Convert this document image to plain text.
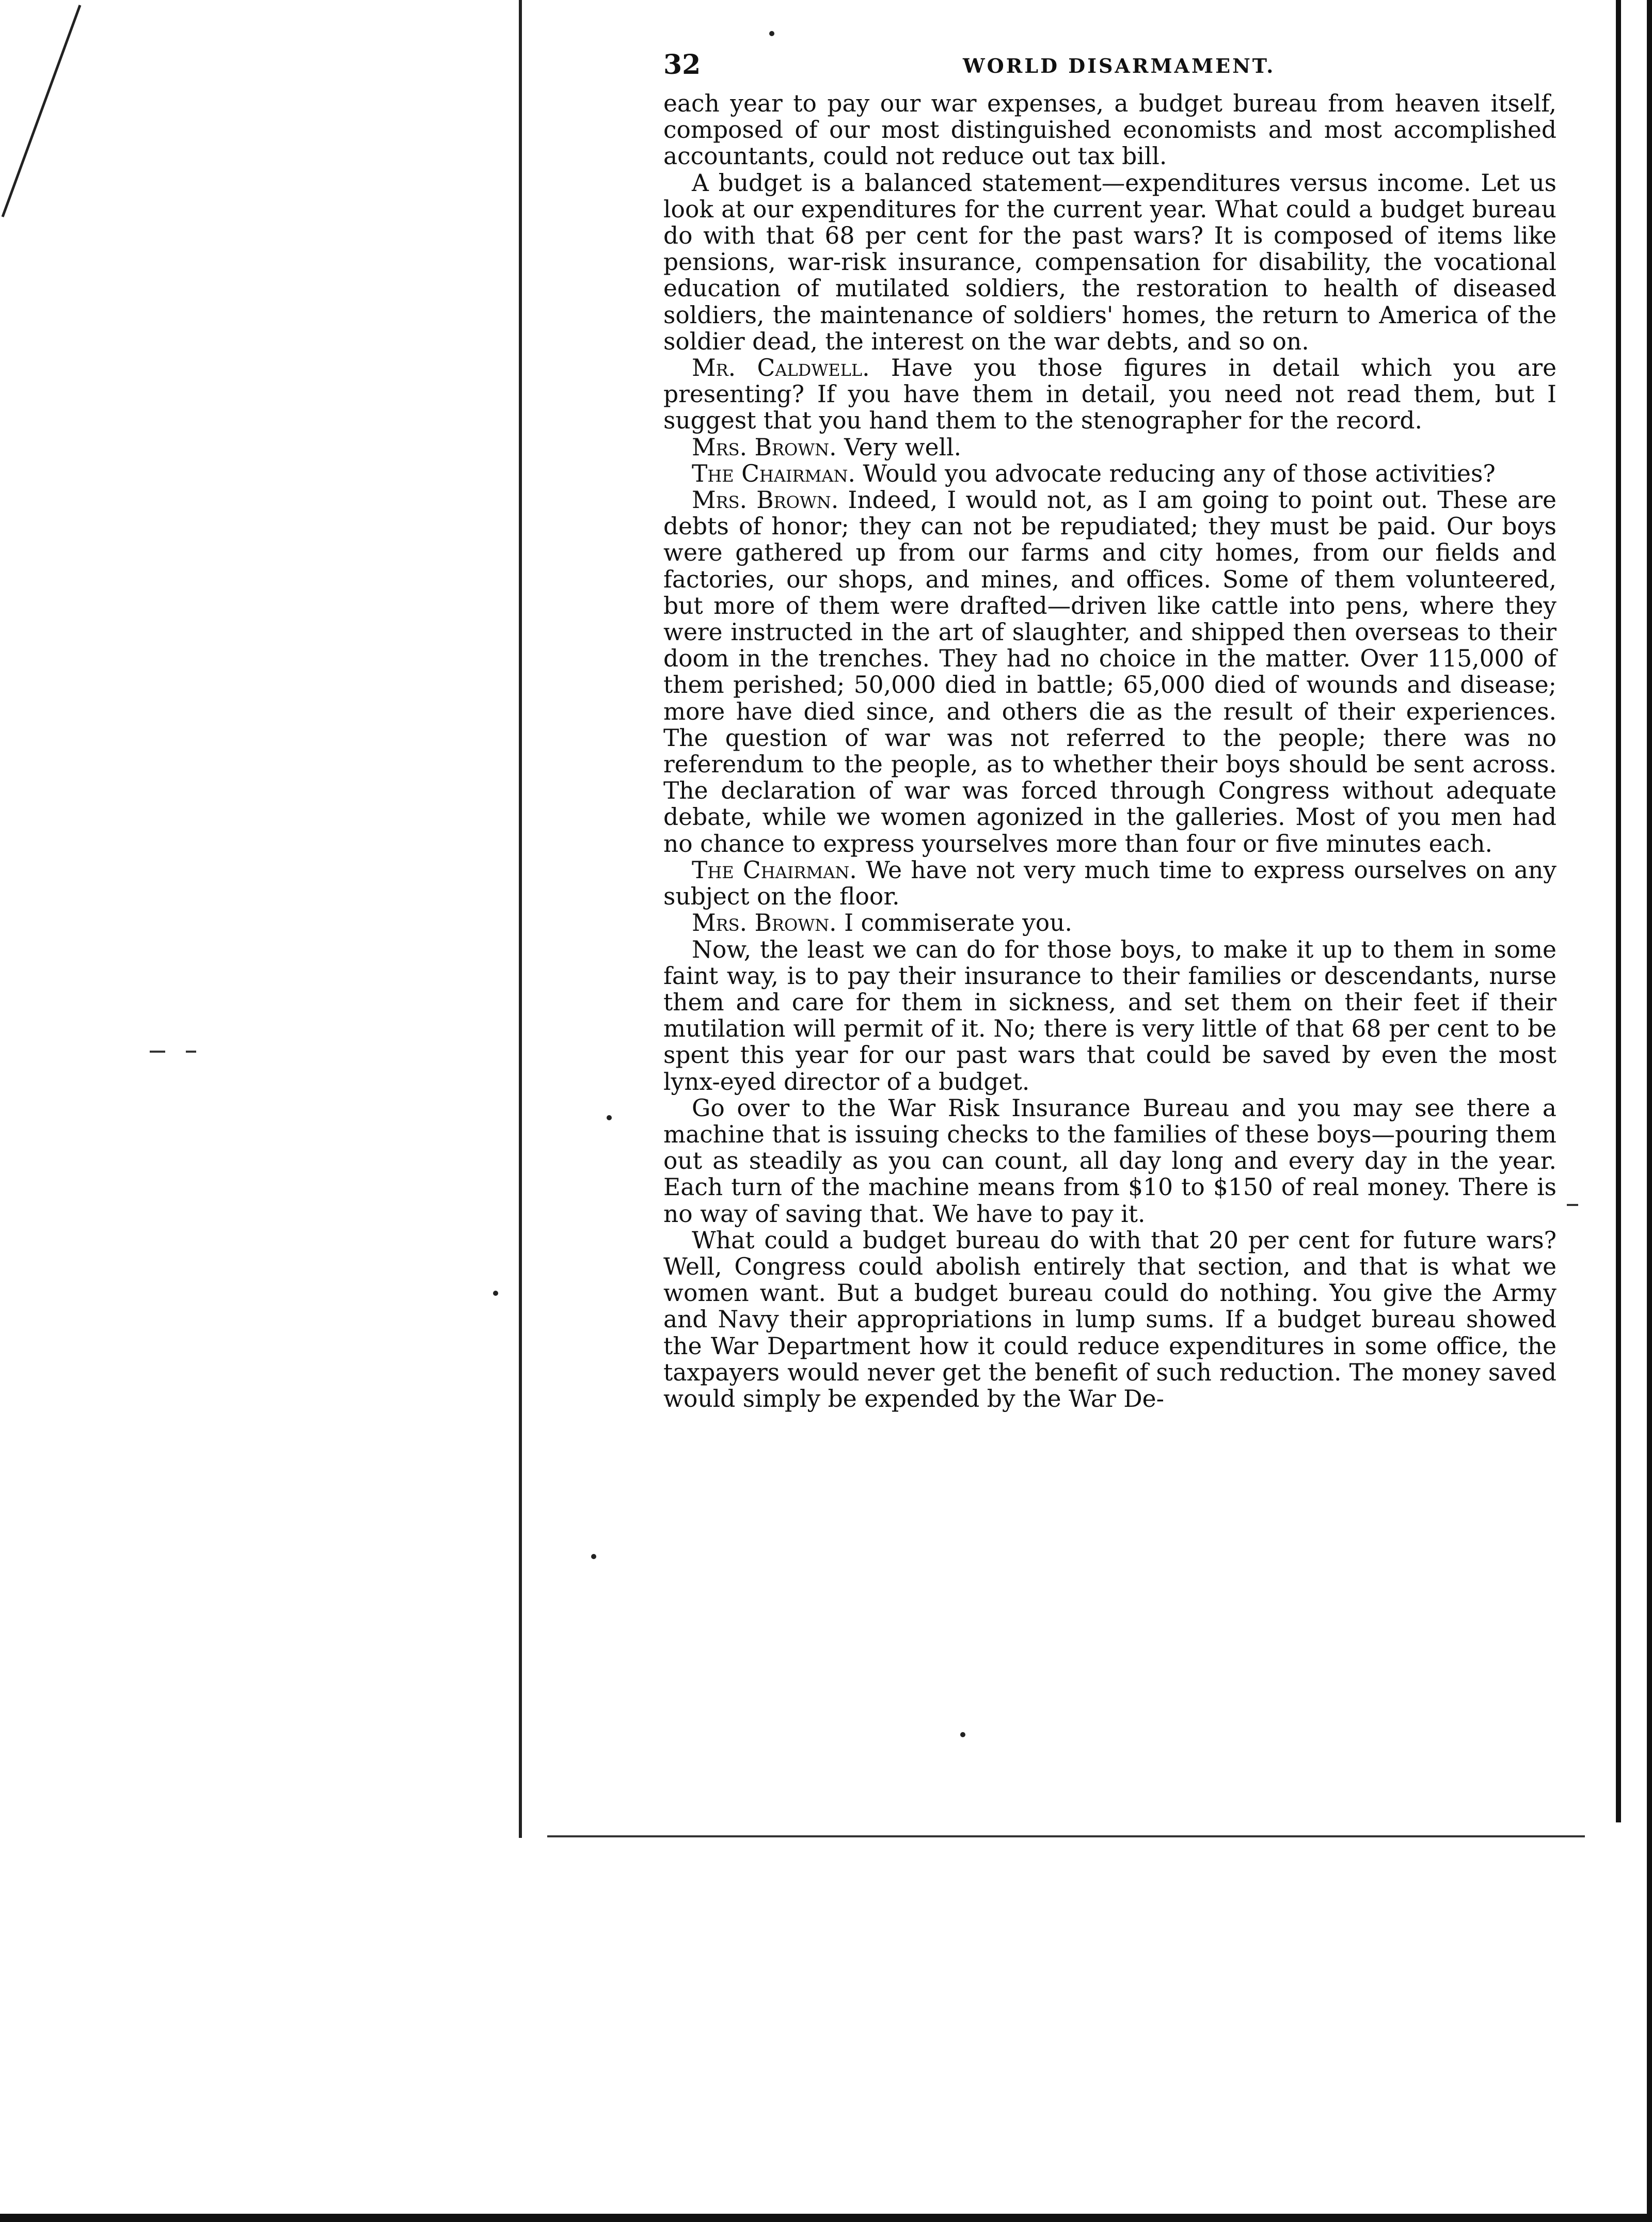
32	WORLD DISARMAMENT.

each year to pay our war expenses, a budget bureau from heaven itself, composed of our most distinguished economists and most accomplished accountants, could not reduce out tax bill.

A budget is a balanced statement—expenditures versus income. Let us look at our expenditures for the current year. What could a budget bureau do with that 68 per cent for the past wars? It is composed of items like pensions, war-risk insurance, compensation for disability, the vocational education of mutilated soldiers, the restoration to health of diseased soldiers, the maintenance of soldiers' homes, the return to America of the soldier dead, the interest on the war debts, and so on.

Mr. Caldwell. Have you those figures in detail which you are presenting? If you have them in detail, you need not read them, but I suggest that you hand them to the stenographer for the record.

Mrs. Brown. Very well.

The Chairman. Would you advocate reducing any of those activities?

Mrs. Brown. Indeed, I would not, as I am going to point out. These are debts of honor; they can not be repudiated; they must be paid. Our boys were gathered up from our farms and city homes, from our fields and factories, our shops, and mines, and offices. Some of them volunteered, but more of them were drafted—driven like cattle into pens, where they were instructed in the art of slaughter, and shipped then overseas to their doom in the trenches. They had no choice in the matter. Over 115,000 of them perished; 50,000 died in battle; 65,000 died of wounds and disease; more have died since, and others die as the result of their experiences. The question of war was not referred to the people; there was no referendum to the people, as to whether their boys should be sent across. The declaration of war was forced through Congress without adequate debate, while we women agonized in the galleries. Most of you men had no chance to express yourselves more than four or five minutes each.

The Chairman. We have not very much time to express ourselves on any subject on the floor.

Mrs. Brown. I commiserate you.

Now, the least we can do for those boys, to make it up to them in some faint way, is to pay their insurance to their families or descendants, nurse them and care for them in sickness, and set them on their feet if their mutilation will permit of it. No; there is very little of that 68 per cent to be spent this year for our past wars that could be saved by even the most lynx-eyed director of a budget.

Go over to the War Risk Insurance Bureau and you may see there a machine that is issuing checks to the families of these boys—pouring them out as steadily as you can count, all day long and every day in the year. Each turn of the machine means from $10 to $150 of real money. There is no way of saving that. We have to pay it.

What could a budget bureau do with that 20 per cent for future wars? Well, Congress could abolish entirely that section, and that is what we women want. But a budget bureau could do nothing. You give the Army and Navy their appropriations in lump sums. If a budget bureau showed the War Department how it could reduce expenditures in some office, the taxpayers would never get the benefit of such reduction. The money saved would simply be expended by the War De-
